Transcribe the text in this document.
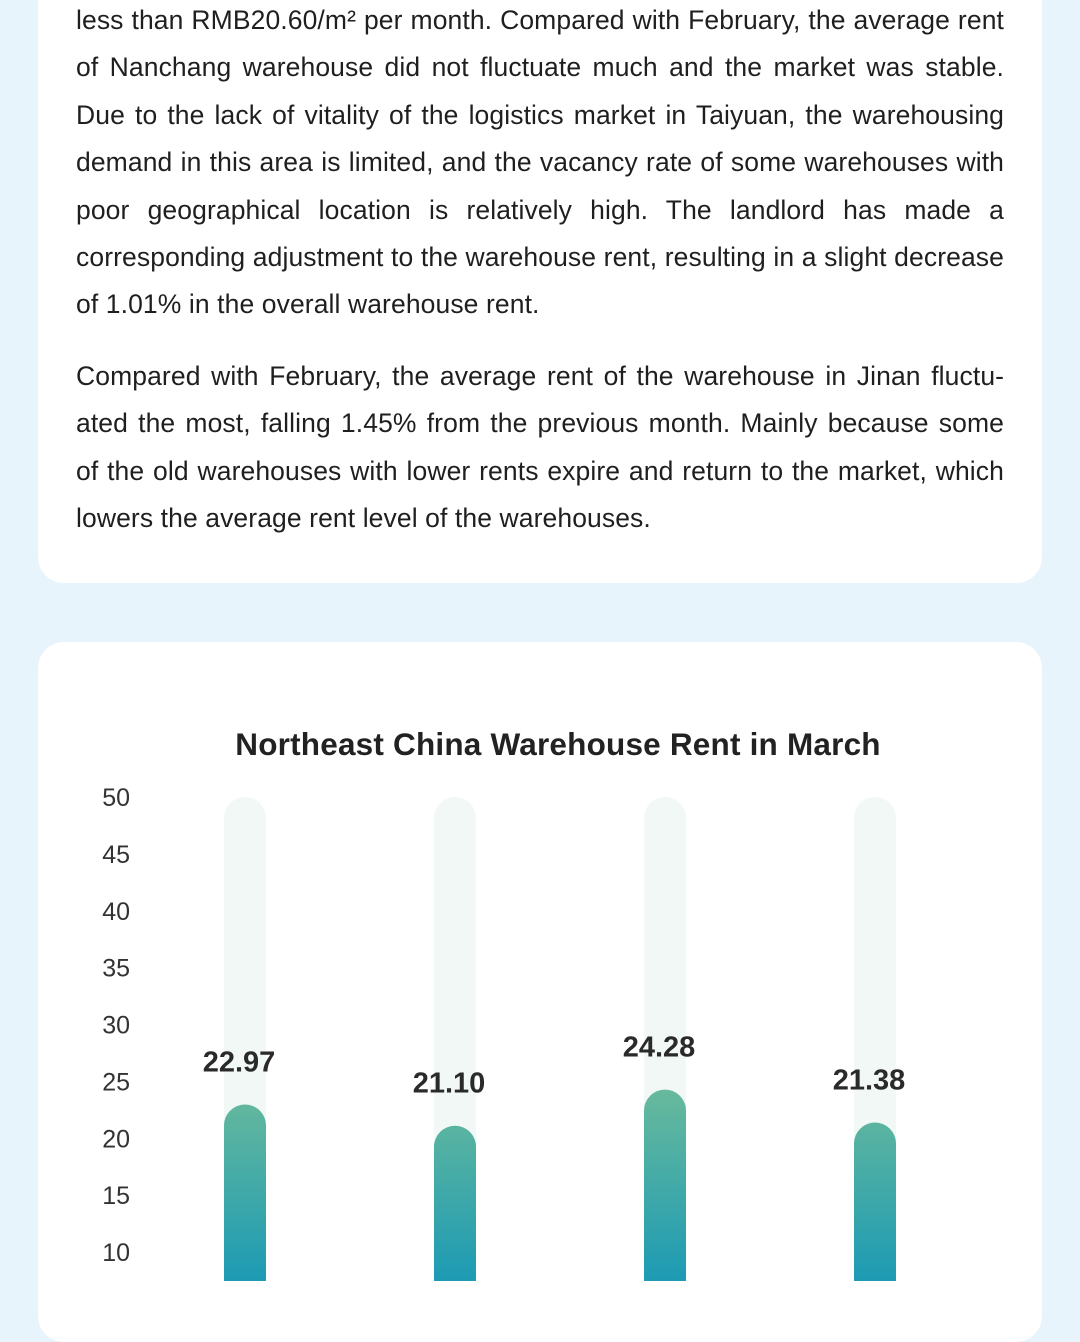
less than RMB20.60/m² per month. Compared with February, the average rent of Nanchang warehouse did not fluctuate much and the market was stable. Due to the lack of vitality of the logistics market in Taiyuan, the warehousing demand in this area is limited, and the vacancy rate of some warehouses with poor geographical location is relatively high. The landlord has made a corresponding adjustment to the warehouse rent, resulting in a slight decrease of 1.01% in the overall warehouse rent.

Compared with February, the average rent of the warehouse in Jinan fluctuated the most, falling 1.45% from the previous month. Mainly because some of the old warehouses with lower rents expire and return to the market, which lowers the average rent level of the warehouses.

Northeast China Warehouse Rent in March
50
45
40
35
30
25
20
15
10
22.97
21.10
24.28
21.38
